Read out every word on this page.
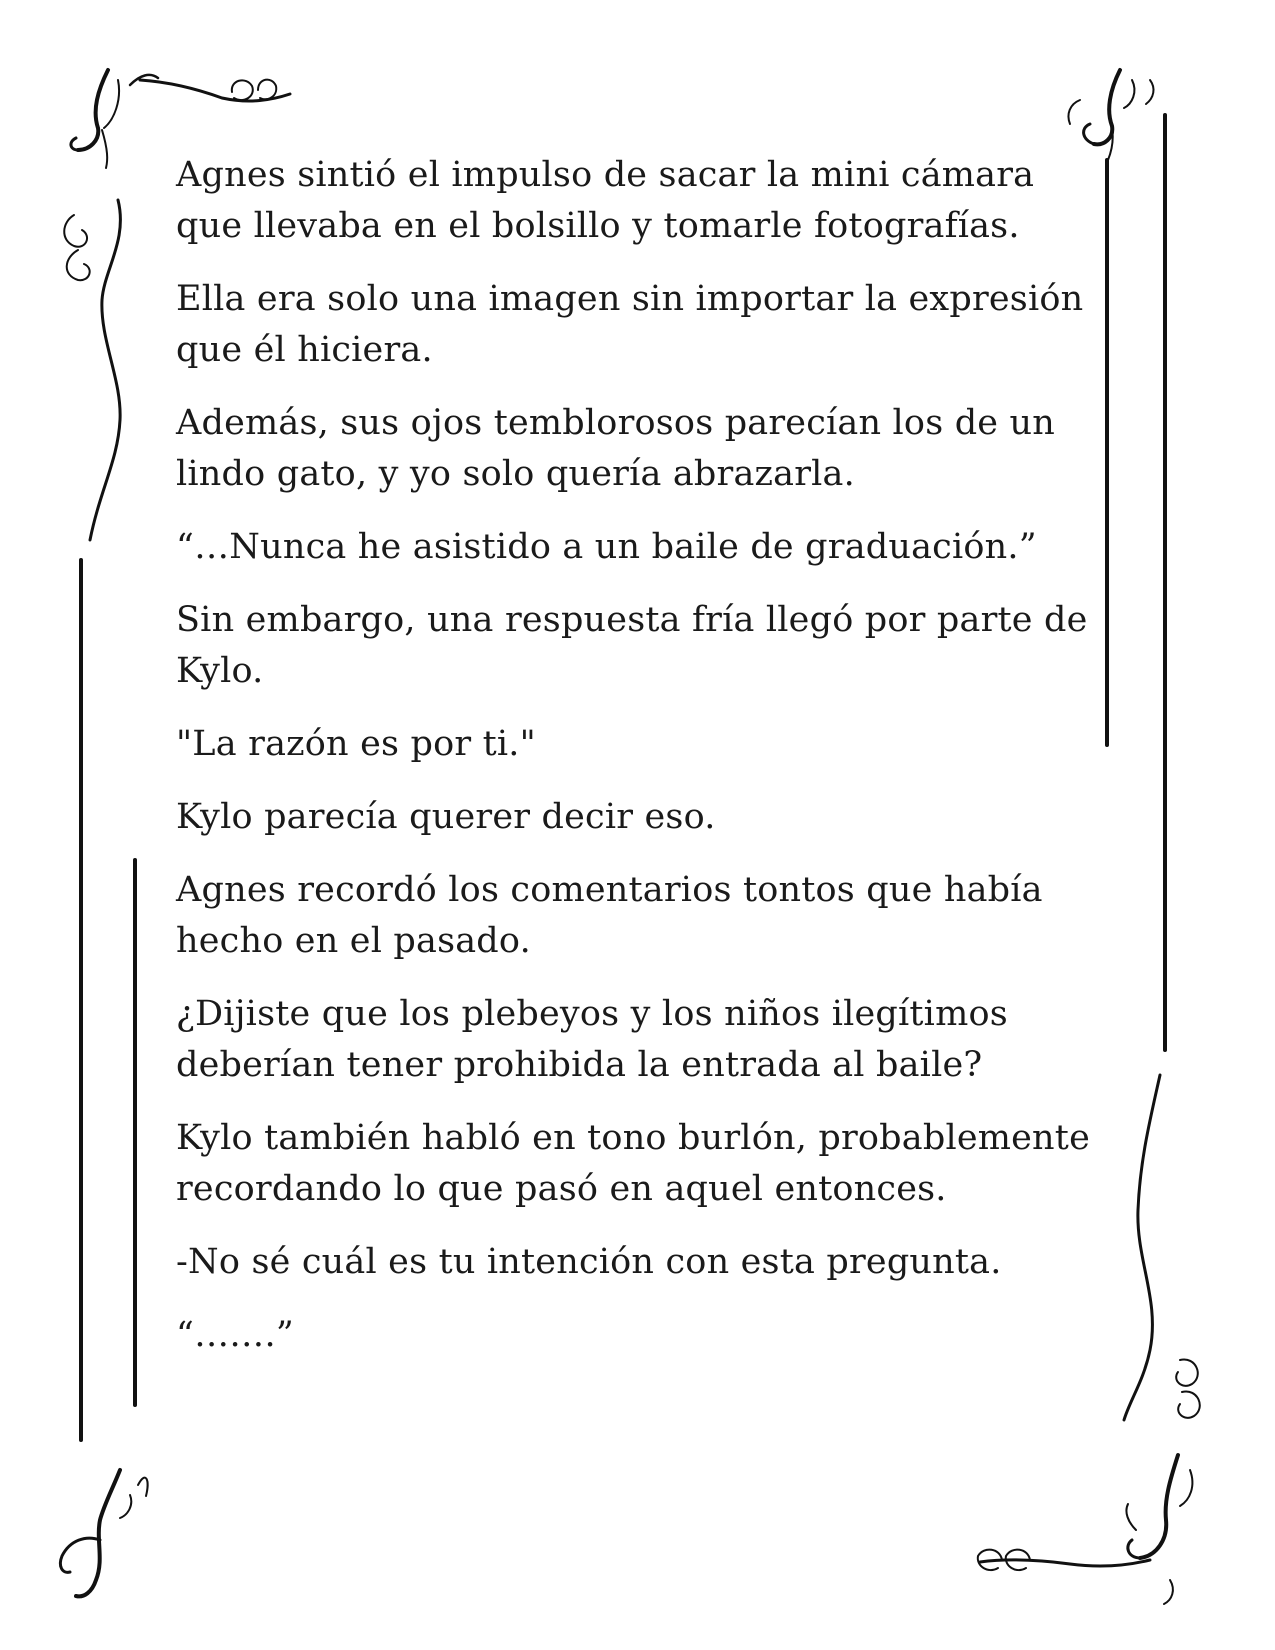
Agnes sintió el impulso de sacar la mini cámara que llevaba en el bolsillo y tomarle fotografías.

Ella era solo una imagen sin importar la expresión que él hiciera.

Además, sus ojos temblorosos parecían los de un lindo gato, y yo solo quería abrazarla.

“…Nunca he asistido a un baile de graduación.”

Sin embargo, una respuesta fría llegó por parte de Kylo.

"La razón es por ti."

Kylo parecía querer decir eso.

Agnes recordó los comentarios tontos que había hecho en el pasado.

¿Dijiste que los plebeyos y los niños ilegítimos deberían tener prohibida la entrada al baile?

Kylo también habló en tono burlón, probablemente recordando lo que pasó en aquel entonces.

-No sé cuál es tu intención con esta pregunta.

“…….”
